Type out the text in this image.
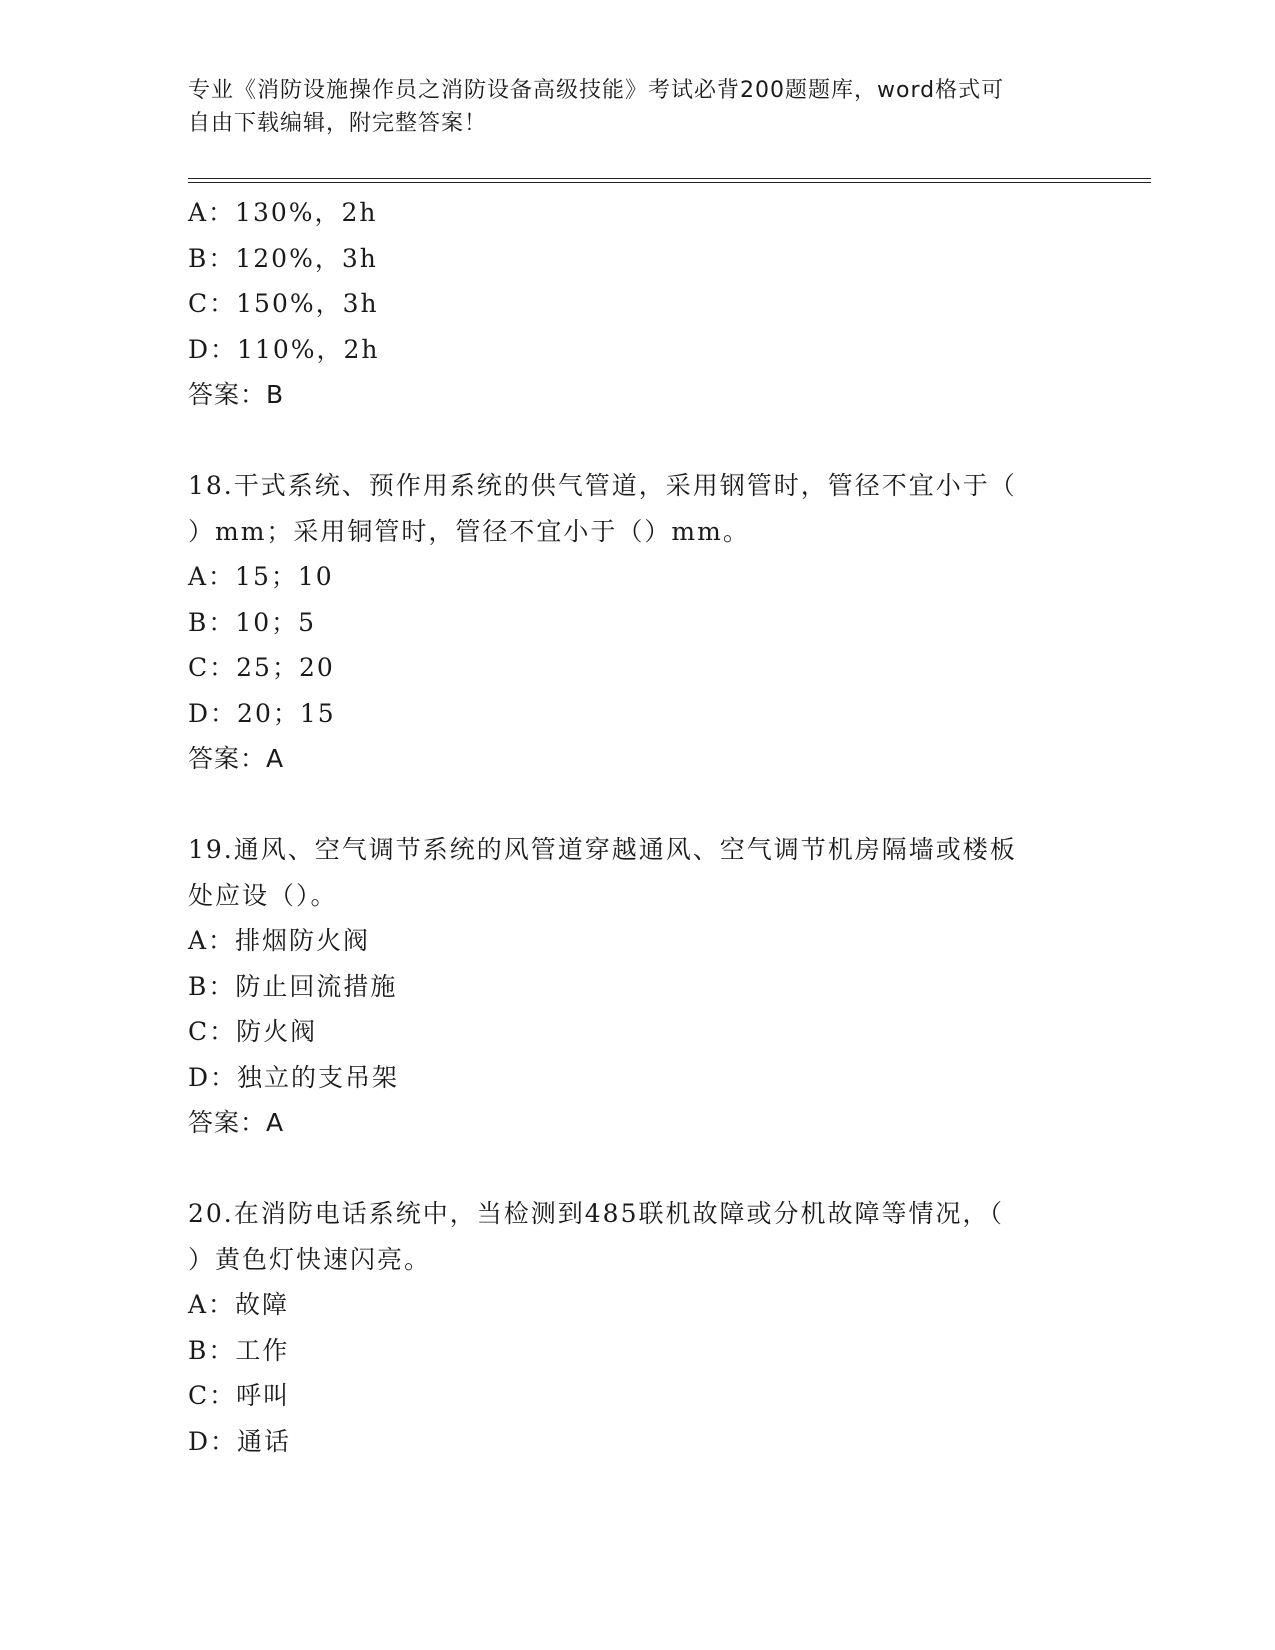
专业《消防设施操作员之消防设备高级技能》考试必背200题题库，word格式可
自由下载编辑，附完整答案！
A：130%，2h
B：120%，3h
C：150%，3h
D：110%，2h
答案：B
18.干式系统、预作用系统的供气管道，采用钢管时，管径不宜小于（
）mm；采用铜管时，管径不宜小于（）mm。
A：15；10
B：10；5
C：25；20
D：20；15
答案：A
19.通风、空气调节系统的风管道穿越通风、空气调节机房隔墙或楼板
处应设（）。
A：排烟防火阀
B：防止回流措施
C：防火阀
D：独立的支吊架
答案：A
20.在消防电话系统中，当检测到485联机故障或分机故障等情况，（
）黄色灯快速闪亮。
A：故障
B：工作
C：呼叫
D：通话
